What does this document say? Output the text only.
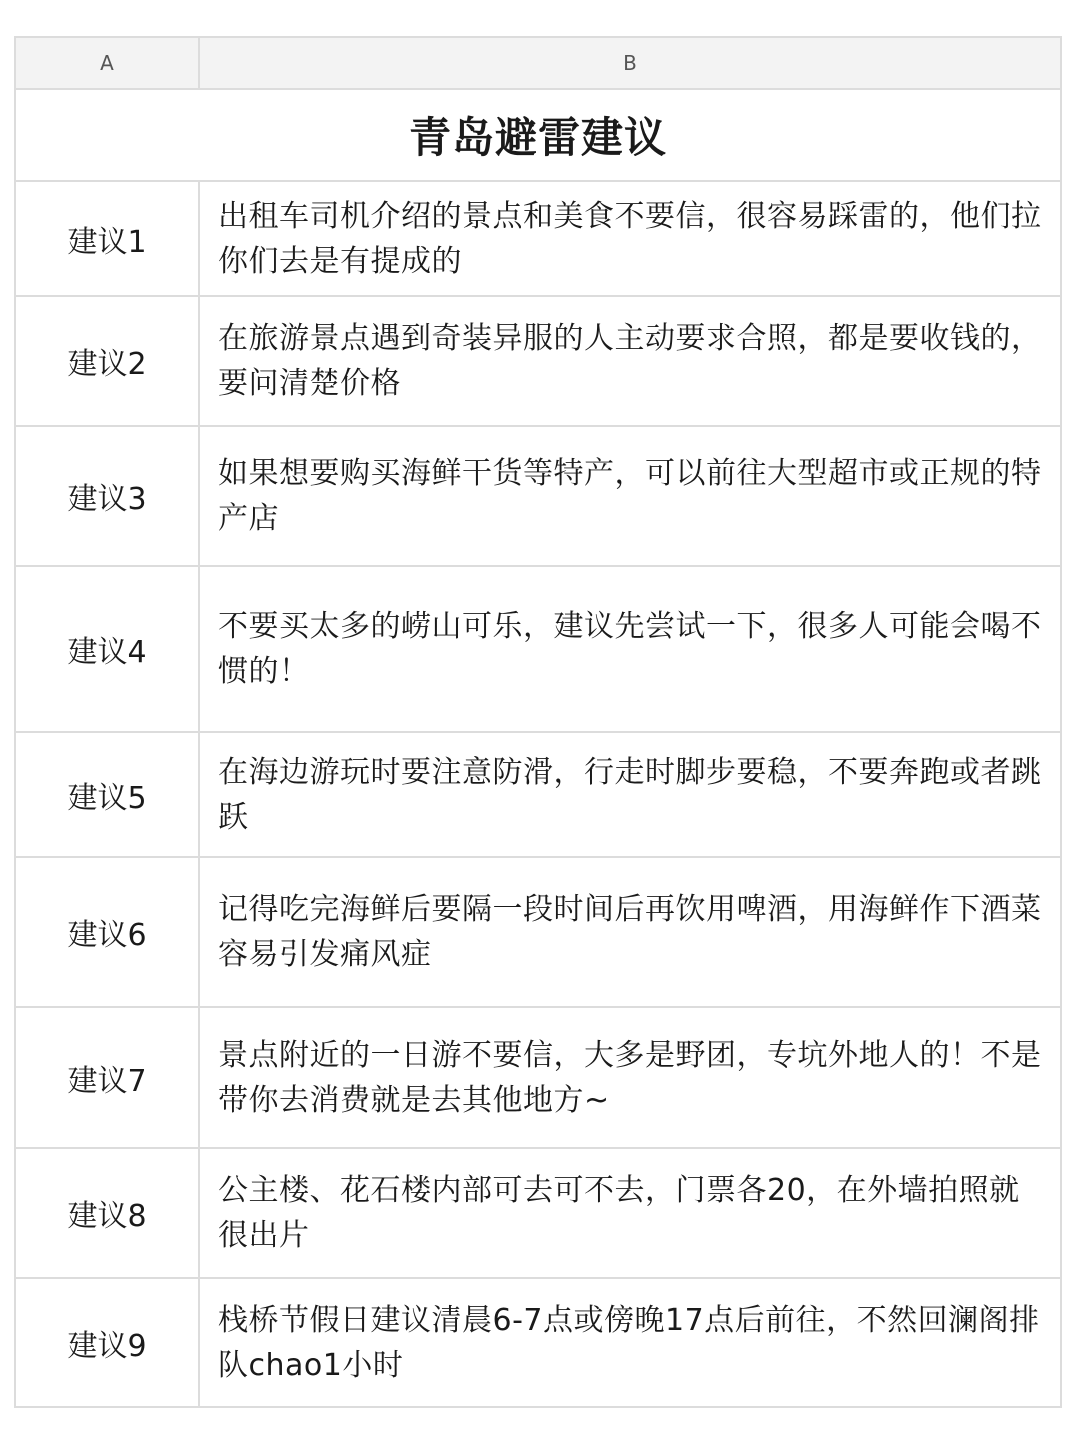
A	B
青岛避雷建议	
建议1	出租车司机介绍的景点和美食不要信，很容易踩雷的，他们拉你们去是有提成的
建议2	在旅游景点遇到奇装异服的人主动要求合照，都是要收钱的，要问清楚价格
建议3	如果想要购买海鲜干货等特产，可以前往大型超市或正规的特产店
建议4	不要买太多的崂山可乐，建议先尝试一下，很多人可能会喝不惯的！
建议5	在海边游玩时要注意防滑，行走时脚步要稳，不要奔跑或者跳跃
建议6	记得吃完海鲜后要隔一段时间后再饮用啤酒，用海鲜作下酒菜容易引发痛风症
建议7	景点附近的一日游不要信，大多是野团，专坑外地人的！不是带你去消费就是去其他地方~
建议8	公主楼、花石楼内部可去可不去，门票各20，在外墙拍照就很出片
建议9	栈桥节假日建议清晨6-7点或傍晚17点后前往，不然回澜阁排队chao1小时
